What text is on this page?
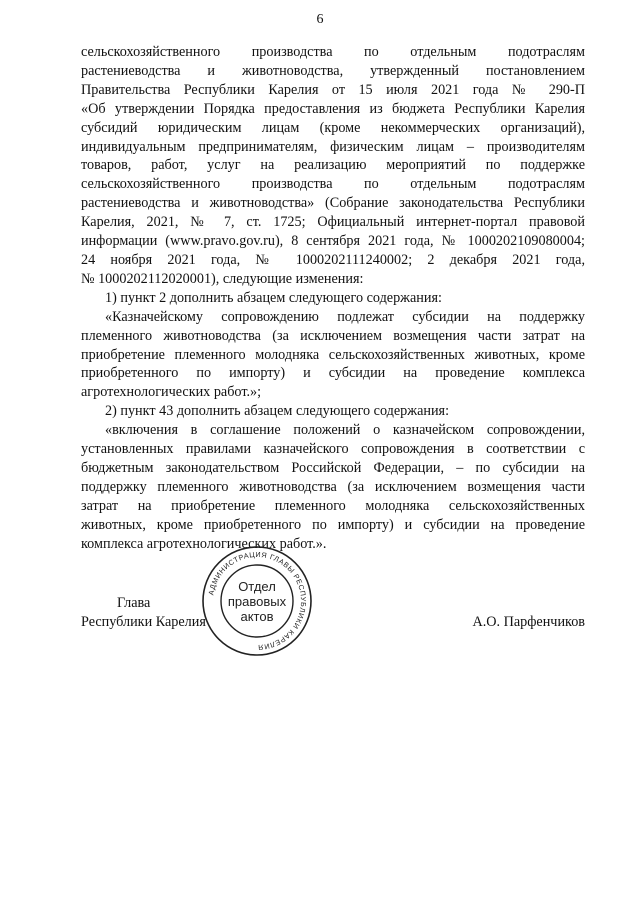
6
сельскохозяйственного производства по отдельным подотраслям
растениеводства и животноводства, утвержденный постановлением
Правительства Республики Карелия от 15 июля 2021 года № 290-П
«Об утверждении Порядка предоставления из бюджета Республики Карелия
субсидий юридическим лицам (кроме некоммерческих организаций),
индивидуальным предпринимателям, физическим лицам – производителям
товаров, работ, услуг на реализацию мероприятий по поддержке
сельскохозяйственного производства по отдельным подотраслям
растениеводства и животноводства» (Собрание законодательства Республики
Карелия, 2021, № 7, ст. 1725; Официальный интернет-портал правовой
информации (www.pravo.gov.ru), 8 сентября 2021 года, № 1000202109080004;
24 ноября 2021 года, № 1000202111240002; 2 декабря 2021 года,
№ 1000202112020001), следующие изменения:
1) пункт 2 дополнить абзацем следующего содержания:
«Казначейскому сопровождению подлежат субсидии на поддержку
племенного животноводства (за исключением возмещения части затрат на
приобретение племенного молодняка сельскохозяйственных животных, кроме
приобретенного по импорту) и субсидии на проведение комплекса
агротехнологических работ.»;
2) пункт 43 дополнить абзацем следующего содержания:
«включения в соглашение положений о казначейском сопровождении,
установленных правилами казначейского сопровождения в соответствии с
бюджетным законодательством Российской Федерации, – по субсидии на
поддержку племенного животноводства (за исключением возмещения части
затрат на приобретение племенного молодняка сельскохозяйственных
животных, кроме приобретенного по импорту) и субсидии на проведение
комплекса агротехнологических работ.».
Глава
Республики Карелия	А.О. Парфенчиков
АДМИНИСТРАЦИЯ ГЛАВЫ РЕСПУБЛИКИ КАРЕЛИЯ
Отдел
правовых
актов
